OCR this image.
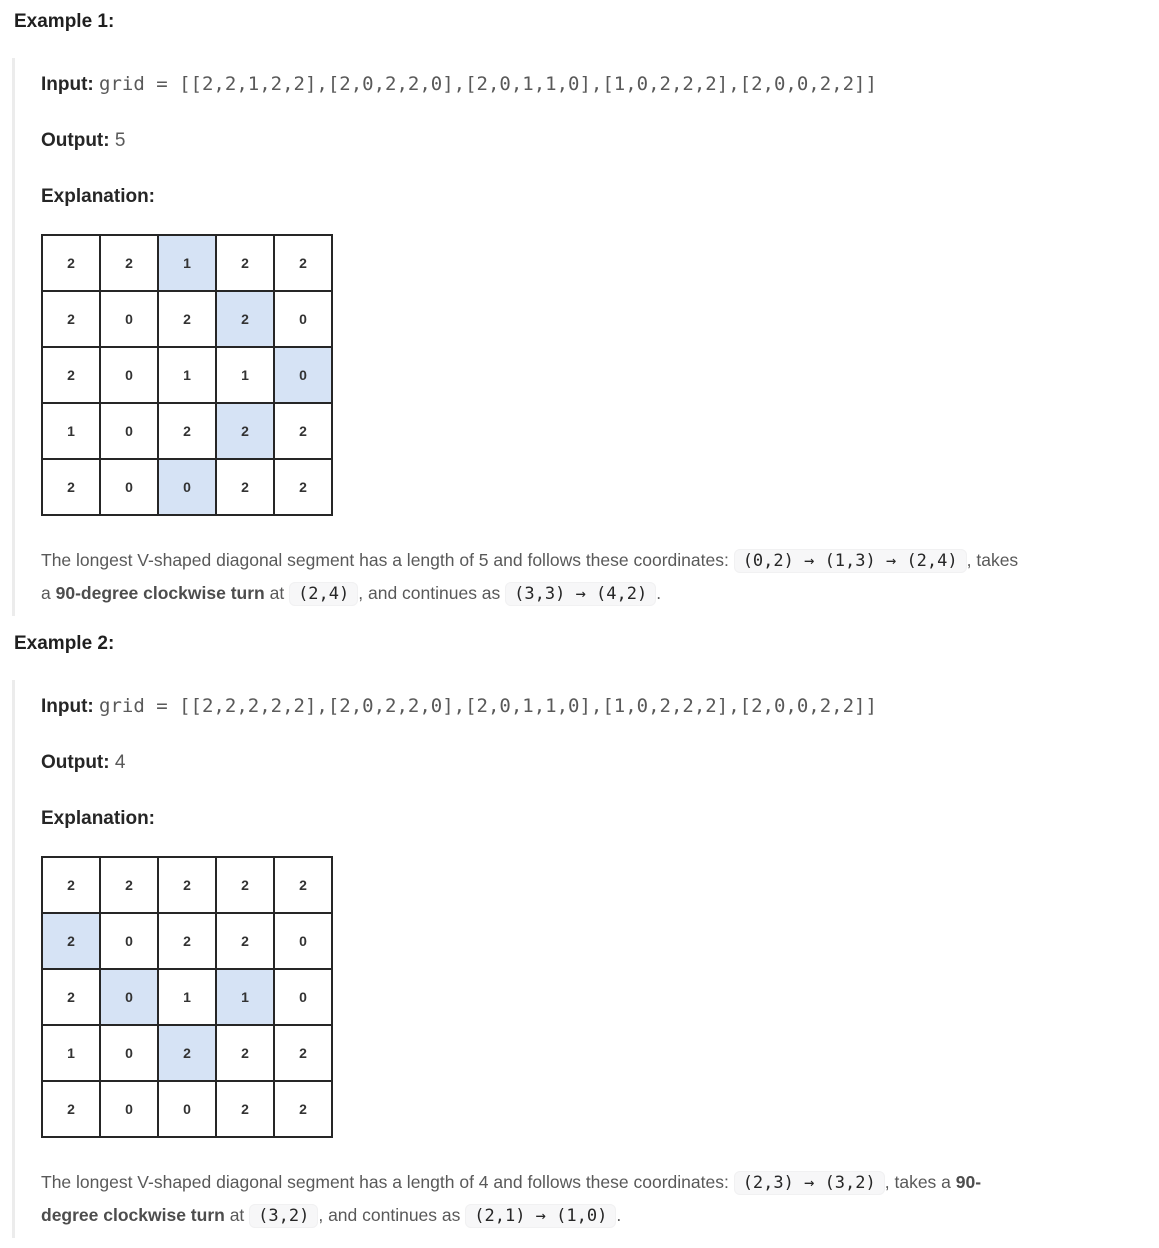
Example 1:
Input: grid = [[2,2,1,2,2],[2,0,2,2,0],[2,0,1,1,0],[1,0,2,2,2],[2,0,0,2,2]]
Output: 5
Explanation:
2	2	1	2	2
2	0	2	2	0
2	0	1	1	0
1	0	2	2	2
2	0	0	2	2

The longest V-shaped diagonal segment has a length of 5 and follows these coordinates: (0,2) → (1,3) → (2,4) , takes
a 90-degree clockwise turn at (2,4) , and continues as (3,3) → (4,2) .

Example 2:
Input: grid = [[2,2,2,2,2],[2,0,2,2,0],[2,0,1,1,0],[1,0,2,2,2],[2,0,0,2,2]]
Output: 4
Explanation:
2	2	2	2	2
2	0	2	2	0
2	0	1	1	0
1	0	2	2	2
2	0	0	2	2

The longest V-shaped diagonal segment has a length of 4 and follows these coordinates: (2,3) → (3,2) , takes a 90-
degree clockwise turn at (3,2) , and continues as (2,1) → (1,0) .
